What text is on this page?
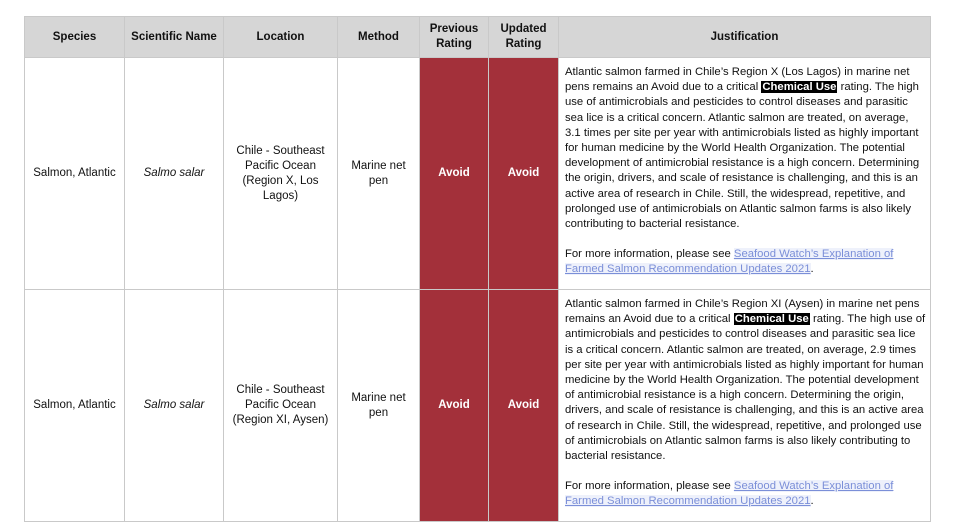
Species	Scientific Name	Location	Method	Previous Rating	Updated Rating	Justification
Salmon, Atlantic	Salmo salar	Chile - Southeast Pacific Ocean (Region X, Los Lagos)	Marine net pen	Avoid	Avoid	Atlantic salmon farmed in Chile’s Region X (Los Lagos) in marine net pens remains an Avoid due to a critical Chemical Use rating. The high use of antimicrobials and pesticides to control diseases and parasitic sea lice is a critical concern. Atlantic salmon are treated, on average, 3.1 times per site per year with antimicrobials listed as highly important for human medicine by the World Health Organization. The potential development of antimicrobial resistance is a high concern. Determining the origin, drivers, and scale of resistance is challenging, and this is an active area of research in Chile. Still, the widespread, repetitive, and prolonged use of antimicrobials on Atlantic salmon farms is also likely contributing to bacterial resistance.
For more information, please see Seafood Watch’s Explanation of Farmed Salmon Recommendation Updates 2021.

Salmon, Atlantic	Salmo salar	Chile - Southeast Pacific Ocean (Region XI, Aysen)	Marine net pen	Avoid	Avoid	Atlantic salmon farmed in Chile’s Region XI (Aysen) in marine net pens remains an Avoid due to a critical Chemical Use rating. The high use of antimicrobials and pesticides to control diseases and parasitic sea lice is a critical concern. Atlantic salmon are treated, on average, 2.9 times per site per year with antimicrobials listed as highly important for human medicine by the World Health Organization. The potential development of antimicrobial resistance is a high concern. Determining the origin, drivers, and scale of resistance is challenging, and this is an active area of research in Chile. Still, the widespread, repetitive, and prolonged use of antimicrobials on Atlantic salmon farms is also likely contributing to bacterial resistance.
For more information, please see Seafood Watch’s Explanation of Farmed Salmon Recommendation Updates 2021.
